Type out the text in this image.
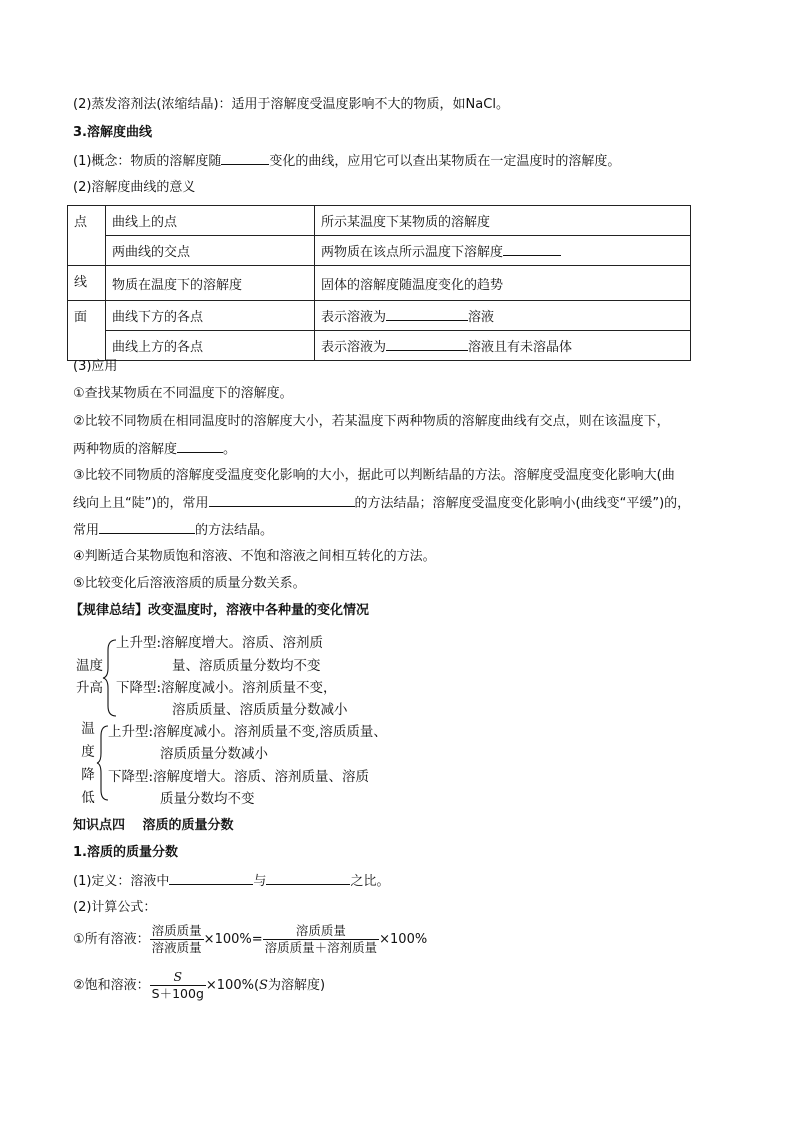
(2)蒸发溶剂法(浓缩结晶)：适用于溶解度受温度影响不大的物质，如NaCl。
3.溶解度曲线
(1)概念：物质的溶解度随	变化的曲线，应用它可以查出某物质在一定温度时的溶解度。
(2)溶解度曲线的意义
点	曲线上的点	所示某温度下某物质的溶解度
	两曲线的交点	两物质在该点所示温度下溶解度
线	物质在温度下的溶解度	固体的溶解度随温度变化的趋势
面	曲线下方的各点	表示溶液为 溶液
	曲线上方的各点	表示溶液为 溶液且有未溶晶体
(3)应用
①查找某物质在不同温度下的溶解度。
②比较不同物质在相同温度时的溶解度大小，若某温度下两种物质的溶解度曲线有交点，则在该温度下，
两种物质的溶解度	。
③比较不同物质的溶解度受温度变化影响的大小，据此可以判断结晶的方法。溶解度受温度变化影响大(曲
线向上且“陡”)的，常用	的方法结晶；溶解度受温度变化影响小(曲线变“平缓”)的，
常用	的方法结晶。
④判断适合某物质饱和溶液、不饱和溶液之间相互转化的方法。
⑤比较变化后溶液溶质的质量分数关系。
【规律总结】改变温度时，溶液中各种量的变化情况
温度
升高
上升型:溶解度增大。溶质、溶剂质
量、溶质质量分数均不变
下降型:溶解度减小。溶剂质量不变，
溶质质量、溶质质量分数减小
温
度
降
低
上升型:溶解度减小。溶剂质量不变,溶质质量、
溶质质量分数减小
下降型:溶解度增大。溶质、溶剂质量、溶质
质量分数均不变
知识点四　 溶质的质量分数
1.溶质的质量分数
(1)定义：溶液中	与	之比。
(2)计算公式：
①所有溶液： $\frac{\text{溶质质量}}{\text{溶液质量}} \times 100\%= \frac{\text{溶质质量}}{\text{溶质质量＋溶剂质量}} \times 100\%$
②饱和溶液： $\frac{S}{S+100g} \times 100\%(S$为溶解度)
